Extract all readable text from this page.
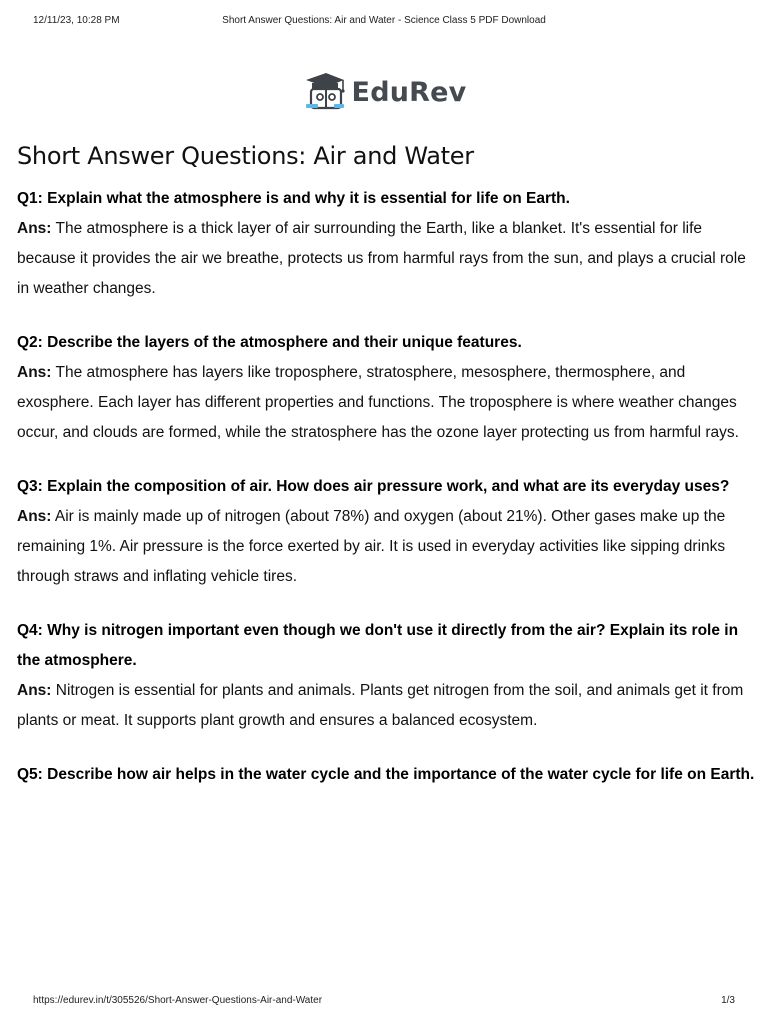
12/11/23, 10:28 PM	Short Answer Questions: Air and Water - Science Class 5 PDF Download
EduRev
Short Answer Questions: Air and Water

Q1: Explain what the atmosphere is and why it is essential for life on Earth.

Ans: The atmosphere is a thick layer of air surrounding the Earth, like a blanket. It's essential for life because it provides the air we breathe, protects us from harmful rays from the sun, and plays a crucial role in weather changes.

Q2: Describe the layers of the atmosphere and their unique features.

Ans: The atmosphere has layers like troposphere, stratosphere, mesosphere, thermosphere, and exosphere. Each layer has different properties and functions. The troposphere is where weather changes occur, and clouds are formed, while the stratosphere has the ozone layer protecting us from harmful rays.

Q3: Explain the composition of air. How does air pressure work, and what are its everyday uses?

Ans: Air is mainly made up of nitrogen (about 78%) and oxygen (about 21%). Other gases make up the remaining 1%. Air pressure is the force exerted by air. It is used in everyday activities like sipping drinks through straws and inflating vehicle tires.

Q4: Why is nitrogen important even though we don't use it directly from the air? Explain its role in the atmosphere.

Ans: Nitrogen is essential for plants and animals. Plants get nitrogen from the soil, and animals get it from plants or meat. It supports plant growth and ensures a balanced ecosystem.

Q5: Describe how air helps in the water cycle and the importance of the water cycle for life on Earth.

https://edurev.in/t/305526/Short-Answer-Questions-Air-and-Water	1/3
